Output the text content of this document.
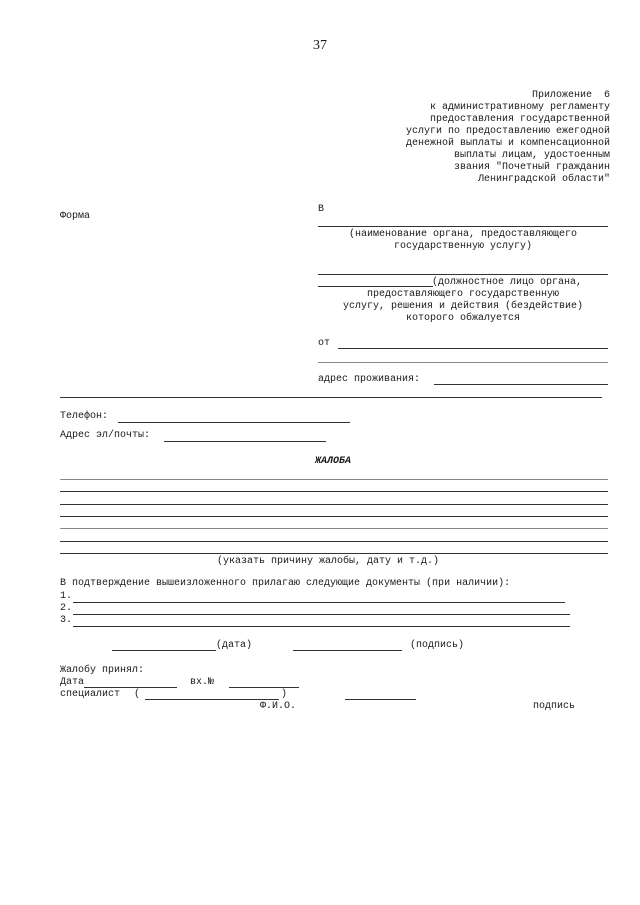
37
Приложение  6
к административному регламенту
предоставления государственной
услуги по предоставлению ежегодной
денежной выплаты и компенсационной
выплаты лицам, удостоенным
звания "Почетный гражданин
Ленинградской области"
Форма
В
(наименование органа, предоставляющего
государственную услугу)
(должностное лицо органа,
предоставляющего государственную
услугу, решения и действия (бездействие)
которого обжалуется
от
адрес проживания:
Телефон:
Адрес эл/почты:
ЖАЛОБА
(указать причину жалобы, дату и т.д.)
В подтверждение вышеизложенного прилагаю следующие документы (при наличии):
1.
2.
3.
(дата)	(подпись)
Жалобу принял:
Дата	вх.№
специалист (	)
Ф.И.О.	подпись
